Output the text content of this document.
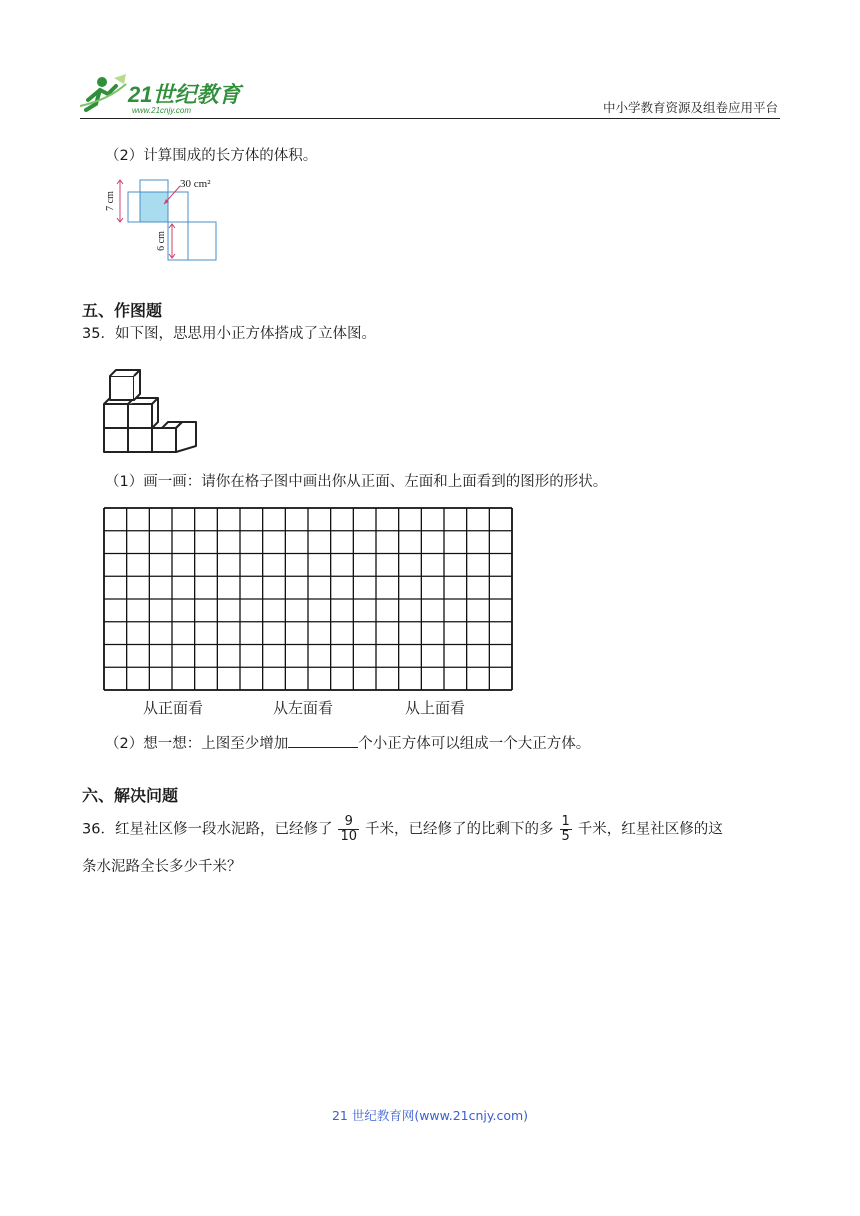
21世纪教育
www.21cnjy.com	中小学教育资源及组卷应用平台
（2）计算围成的长方体的体积。
30 cm²
7 cm
6 cm
五、作图题
35．如下图，思思用小正方体搭成了立体图。
（1）画一画：请你在格子图中画出你从正面、左面和上面看到的图形的形状。
从正面看	从左面看	从上面看
（2）想一想：上图至少增加	个小正方体可以组成一个大正方体。
六、解决问题
36．红星社区修一段水泥路，已经修了 $\frac{9}{10}$ 千米，已经修了的比剩下的多 $\frac{1}{5}$ 千米，红星社区修的这
条水泥路全长多少千米？
21 世纪教育网(www.21cnjy.com)
